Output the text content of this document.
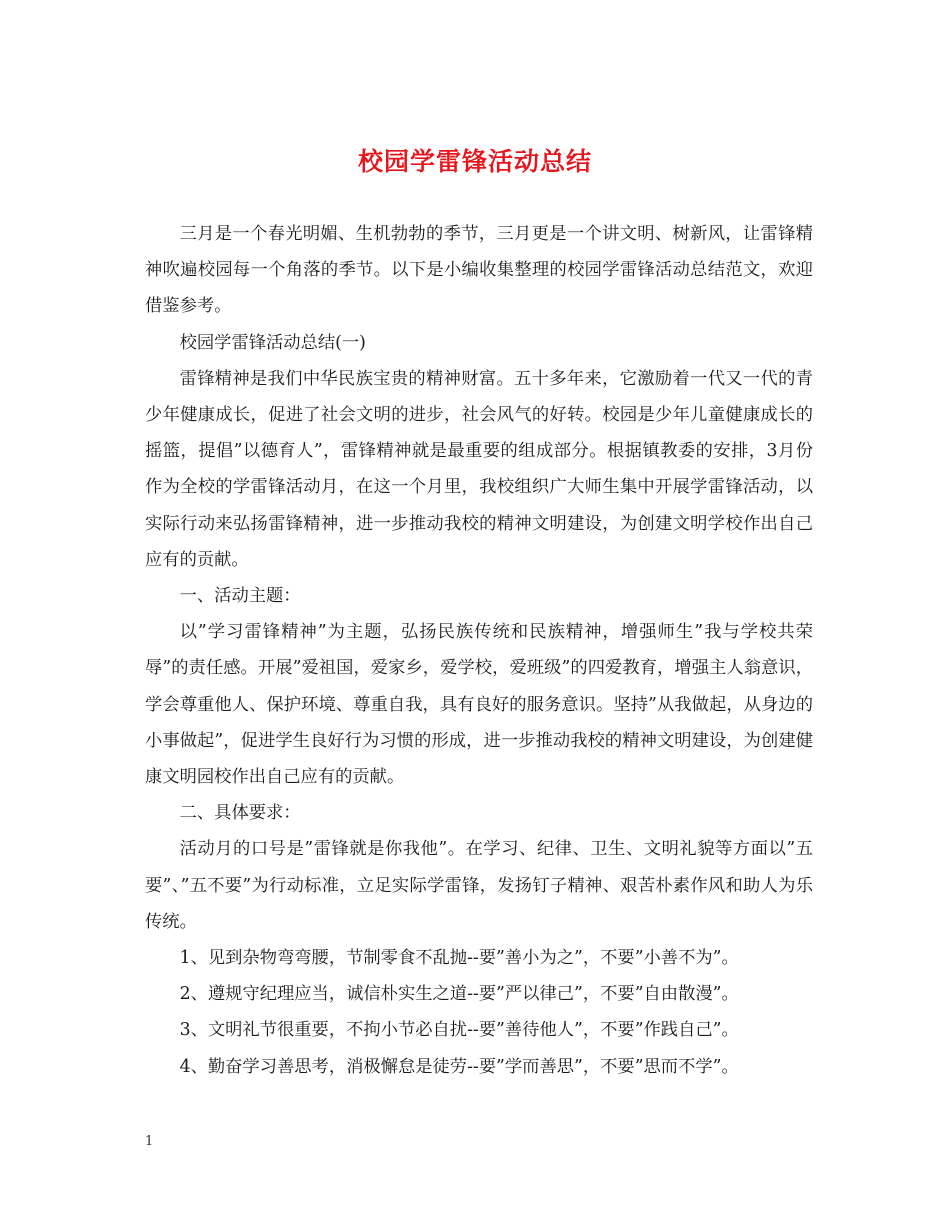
校园学雷锋活动总结

三月是一个春光明媚、生机勃勃的季节，三月更是一个讲文明、树新风，让雷锋精神吹遍校园每一个角落的季节。以下是小编收集整理的校园学雷锋活动总结范文，欢迎借鉴参考。

校园学雷锋活动总结(一)

雷锋精神是我们中华民族宝贵的精神财富。五十多年来，它激励着一代又一代的青少年健康成长，促进了社会文明的进步，社会风气的好转。校园是少年儿童健康成长的摇篮，提倡”以德育人”，雷锋精神就是最重要的组成部分。根据镇教委的安排，3月份作为全校的学雷锋活动月，在这一个月里，我校组织广大师生集中开展学雷锋活动，以实际行动来弘扬雷锋精神，进一步推动我校的精神文明建设，为创建文明学校作出自己应有的贡献。

一、活动主题：

以”学习雷锋精神”为主题，弘扬民族传统和民族精神，增强师生”我与学校共荣辱”的责任感。开展”爱祖国，爱家乡，爱学校，爱班级”的四爱教育，增强主人翁意识，学会尊重他人、保护环境、尊重自我，具有良好的服务意识。坚持”从我做起，从身边的小事做起”，促进学生良好行为习惯的形成，进一步推动我校的精神文明建设，为创建健康文明园校作出自己应有的贡献。

二、具体要求：

活动月的口号是”雷锋就是你我他”。在学习、纪律、卫生、文明礼貌等方面以”五要”、”五不要”为行动标准，立足实际学雷锋，发扬钉子精神、艰苦朴素作风和助人为乐传统。

1、见到杂物弯弯腰，节制零食不乱抛--要”善小为之”，不要”小善不为”。

2、遵规守纪理应当，诚信朴实生之道--要”严以律己”，不要”自由散漫”。

3、文明礼节很重要，不拘小节必自扰--要”善待他人”，不要”作践自己”。

4、勤奋学习善思考，消极懈怠是徒劳--要”学而善思”，不要”思而不学”。

1
